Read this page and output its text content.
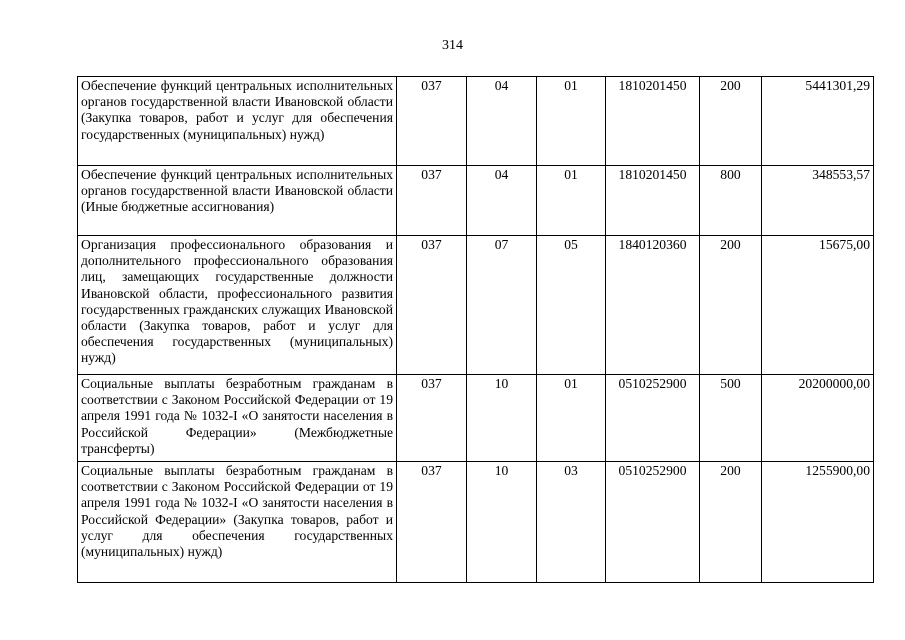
314
Обеспечение функций центральных исполнительных органов государственной власти Ивановской области (Закупка товаров, работ и услуг для обеспечения государственных (муниципальных) нужд)	037	04	01	1810201450	200	5441301,29
Обеспечение функций центральных исполнительных органов государственной власти Ивановской области (Иные бюджетные ассигнования)	037	04	01	1810201450	800	348553,57
Организация профессионального образования и дополнительного профессионального образования лиц, замещающих государственные должности Ивановской области, профессионального развития государственных гражданских служащих Ивановской области (Закупка товаров, работ и услуг для обеспечения государственных (муниципальных) нужд)	037	07	05	1840120360	200	15675,00
Социальные выплаты безработным гражданам в соответствии с Законом Российской Федерации от 19 апреля 1991 года № 1032-I «О занятости населения в Российской Федерации» (Межбюджетные трансферты)	037	10	01	0510252900	500	20200000,00
Социальные выплаты безработным гражданам в соответствии с Законом Российской Федерации от 19 апреля 1991 года № 1032-I «О занятости населения в Российской Федерации» (Закупка товаров, работ и услуг для обеспечения государственных (муниципальных) нужд)	037	10	03	0510252900	200	1255900,00
